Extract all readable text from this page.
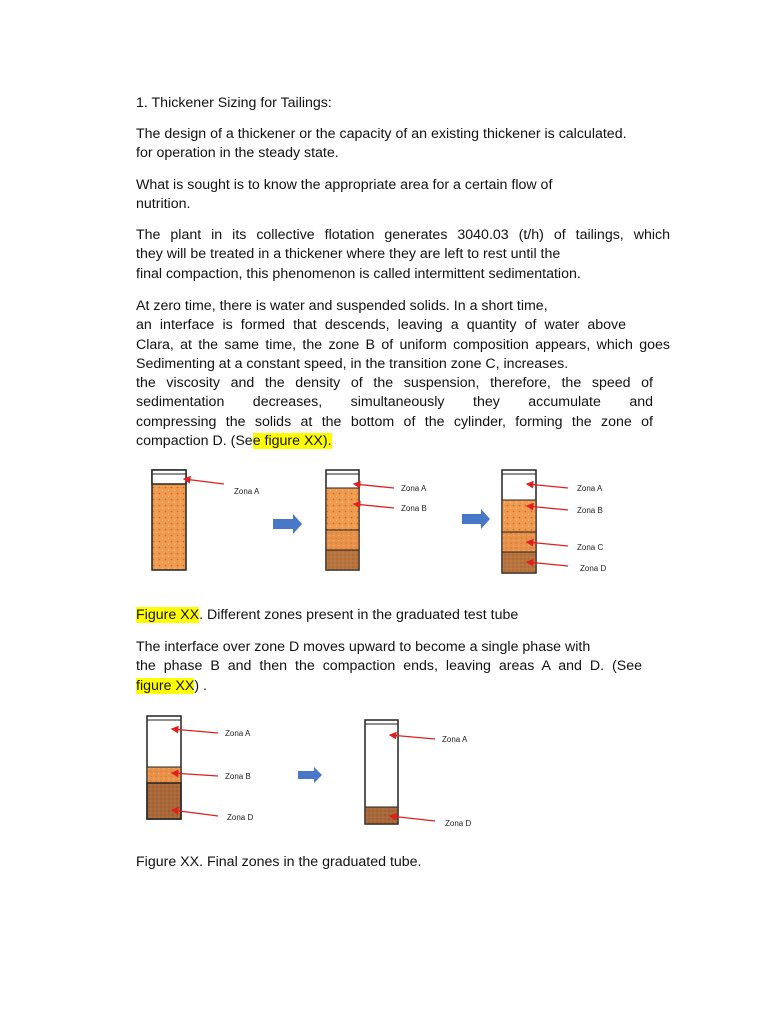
1. Thickener Sizing for Tailings:

The design of a thickener or the capacity of an existing thickener is calculated.
for operation in the steady state.

What is sought is to know the appropriate area for a certain flow of
nutrition.

The plant in its collective flotation generates 3040.03 (t/h) of tailings, which
they will be treated in a thickener where they are left to rest until the
final compaction, this phenomenon is called intermittent sedimentation.

At zero time, there is water and suspended solids. In a short time,
an interface is formed that descends, leaving a quantity of water above
Clara, at the same time, the zone B of uniform composition appears, which goes
Sedimenting at a constant speed, in the transition zone C, increases.
the viscosity and the density of the suspension, therefore, the speed of
sedimentation decreases, simultaneously they accumulate and
compressing the solids at the bottom of the cylinder, forming the zone of
compaction D. (See figure XX).

Zona A	Zona A
Zona B
Zona A
Zona B
Zona C
Zona D

Figure XX. Different zones present in the graduated test tube

The interface over zone D moves upward to become a single phase with
the phase B and then the compaction ends, leaving areas A and D. (See
figure XX) .

Zona A
Zona B
Zona D
Zona A
Zona D

Figure XX. Final zones in the graduated tube.
